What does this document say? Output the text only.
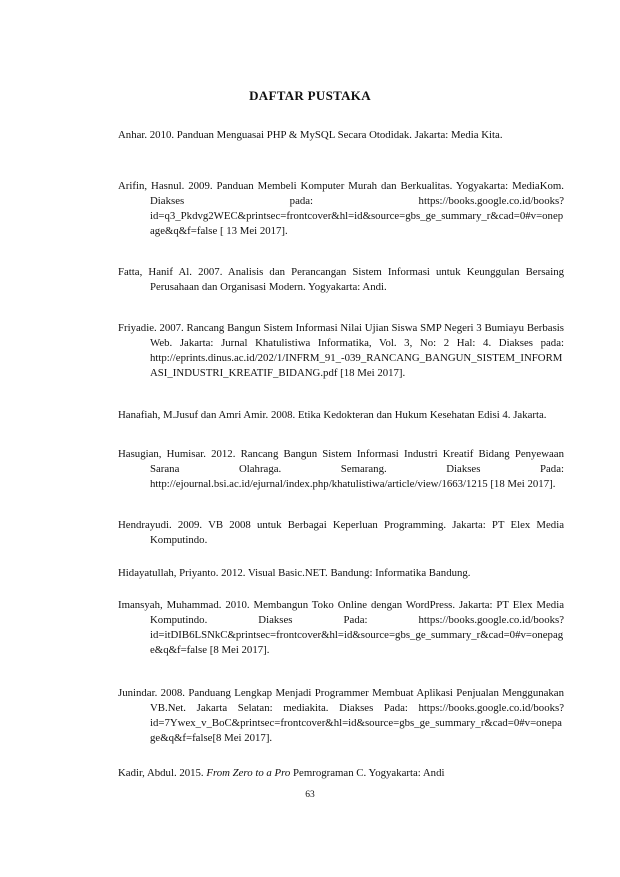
DAFTAR PUSTAKA

Anhar. 2010. Panduan Menguasai PHP & MySQL Secara Otodidak. Jakarta: Media Kita.

Arifin, Hasnul. 2009. Panduan Membeli Komputer Murah dan Berkualitas. Yogyakarta: MediaKom. Diakses pada: https://books.google.co.id/books?id=q3_Pkdvg2WEC&printsec=frontcover&hl=id&source=gbs_ge_summary_r&cad=0#v=onepage&q&f=false [ 13 Mei 2017].

Fatta, Hanif Al. 2007. Analisis dan Perancangan Sistem Informasi untuk Keunggulan Bersaing Perusahaan dan Organisasi Modern. Yogyakarta: Andi.

Friyadie. 2007. Rancang Bangun Sistem Informasi Nilai Ujian Siswa SMP Negeri 3 Bumiayu Berbasis Web. Jakarta: Jurnal Khatulistiwa Informatika, Vol. 3, No: 2 Hal: 4. Diakses pada: http://eprints.dinus.ac.id/202/1/INFRM_91_-039_RANCANG_BANGUN_SISTEM_INFORMASI_INDUSTRI_KREATIF_BIDANG.pdf [18 Mei 2017].

Hanafiah, M.Jusuf dan Amri Amir. 2008. Etika Kedokteran dan Hukum Kesehatan Edisi 4. Jakarta.

Hasugian, Humisar. 2012. Rancang Bangun Sistem Informasi Industri Kreatif Bidang Penyewaan Sarana Olahraga. Semarang. Diakses Pada: http://ejournal.bsi.ac.id/ejurnal/index.php/khatulistiwa/article/view/1663/1215 [18 Mei 2017].

Hendrayudi. 2009. VB 2008 untuk Berbagai Keperluan Programming. Jakarta: PT Elex Media Komputindo.

Hidayatullah, Priyanto. 2012. Visual Basic.NET. Bandung: Informatika Bandung.

Imansyah, Muhammad. 2010. Membangun Toko Online dengan WordPress. Jakarta: PT Elex Media Komputindo. Diakses Pada: https://books.google.co.id/books?id=itDIB6LSNkC&printsec=frontcover&hl=id&source=gbs_ge_summary_r&cad=0#v=onepage&q&f=false [8 Mei 2017].

Junindar. 2008. Panduang Lengkap Menjadi Programmer Membuat Aplikasi Penjualan Menggunakan VB.Net. Jakarta Selatan: mediakita. Diakses Pada: https://books.google.co.id/books?id=7Ywex_v_BoC&printsec=frontcover&hl=id&source=gbs_ge_summary_r&cad=0#v=onepage&q&f=false[8 Mei 2017].

Kadir, Abdul. 2015. From Zero to a Pro Pemrograman C. Yogyakarta: Andi

63
